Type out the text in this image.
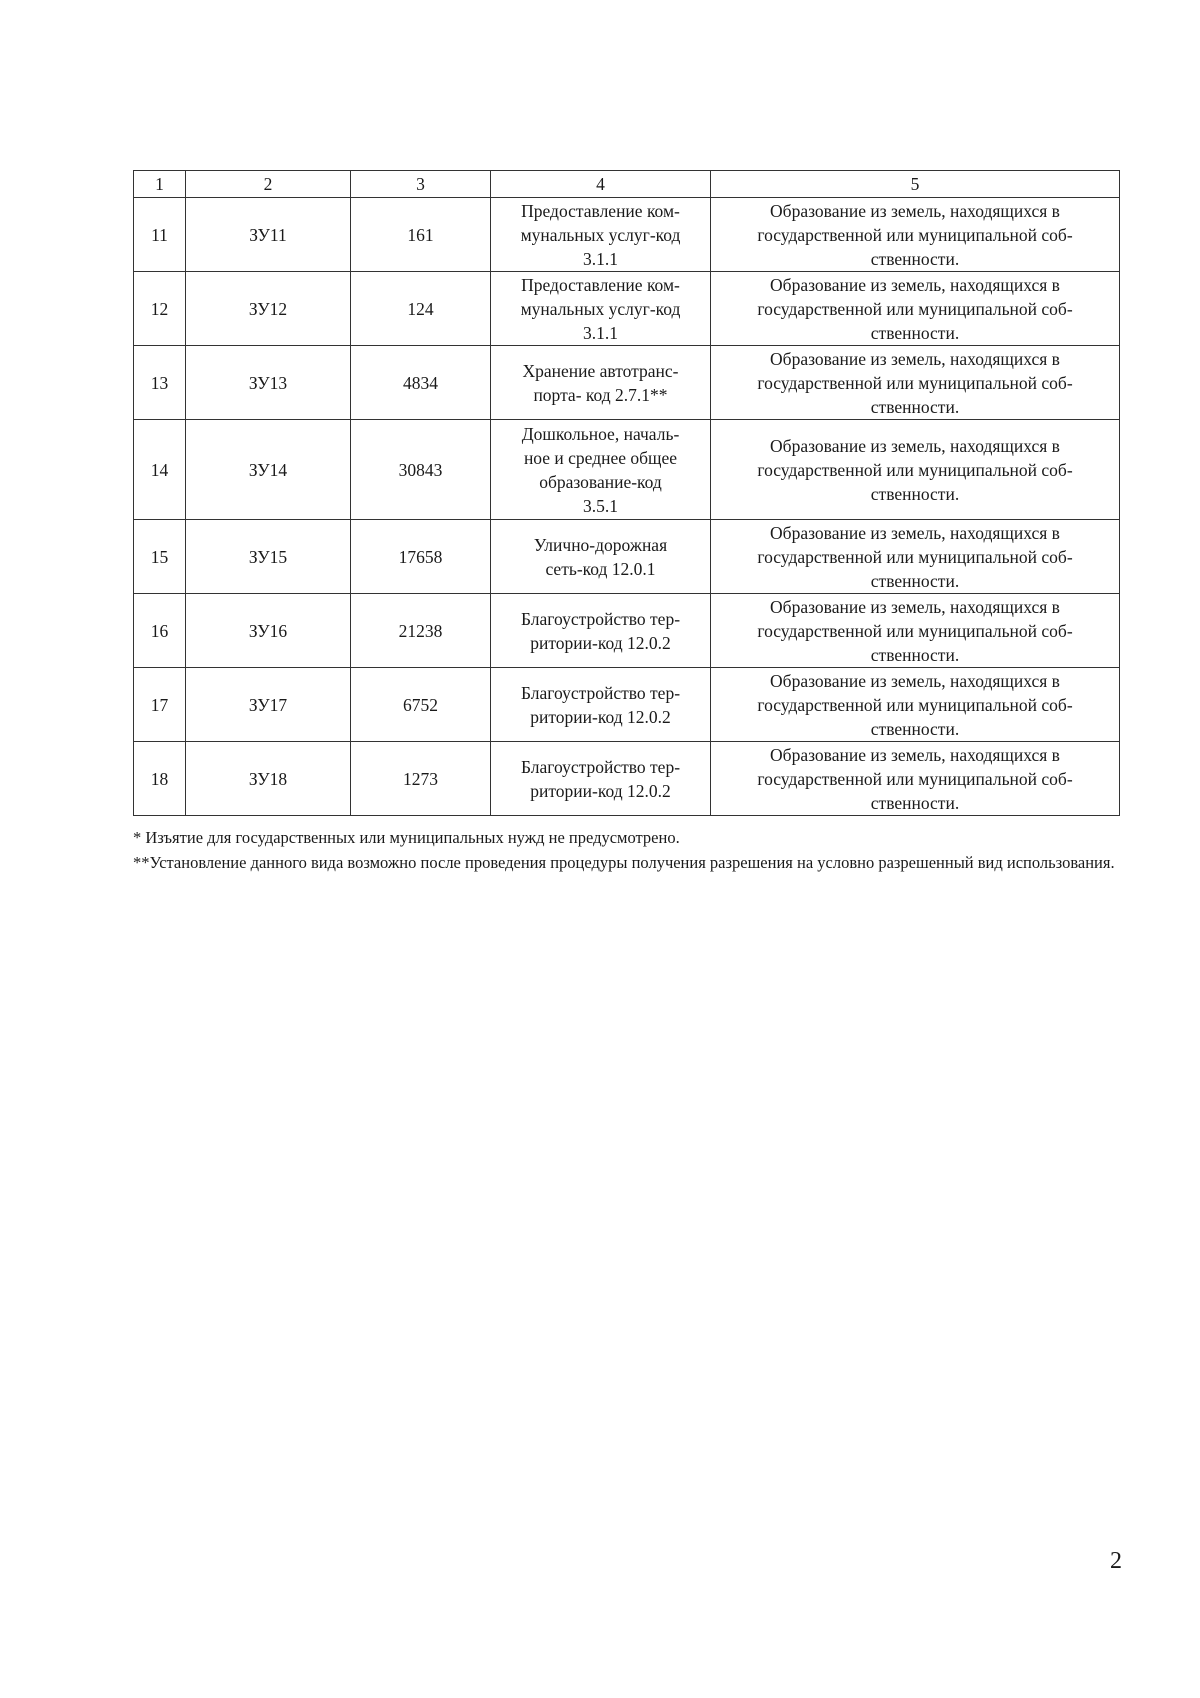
1	2	3	4	5

11	ЗУ11	161	Предоставление ком-
мунальных услуг-код
3.1.1	Образование из земель, находящихся в
государственной или муниципальной соб-
ственности.

12	ЗУ12	124	Предоставление ком-
мунальных услуг-код
3.1.1	Образование из земель, находящихся в
государственной или муниципальной соб-
ственности.

13	ЗУ13	4834	Хранение автотранс-
порта- код 2.7.1**	Образование из земель, находящихся в
государственной или муниципальной соб-
ственности.

14	ЗУ14	30843	Дошкольное, началь-
ное и среднее общее
образование-код
3.5.1	Образование из земель, находящихся в
государственной или муниципальной соб-
ственности.

15	ЗУ15	17658	Улично-дорожная
сеть-код 12.0.1	Образование из земель, находящихся в
государственной или муниципальной соб-
ственности.

16	ЗУ16	21238	Благоустройство тер-
ритории-код 12.0.2	Образование из земель, находящихся в
государственной или муниципальной соб-
ственности.

17	ЗУ17	6752	Благоустройство тер-
ритории-код 12.0.2	Образование из земель, находящихся в
государственной или муниципальной соб-
ственности.

18	ЗУ18	1273	Благоустройство тер-
ритории-код 12.0.2	Образование из земель, находящихся в
государственной или муниципальной соб-
ственности.

* Изъятие для государственных или муниципальных нужд не предусмотрено.

**Установление данного вида возможно после проведения процедуры получения разрешения на условно разрешенный вид использования.

2
